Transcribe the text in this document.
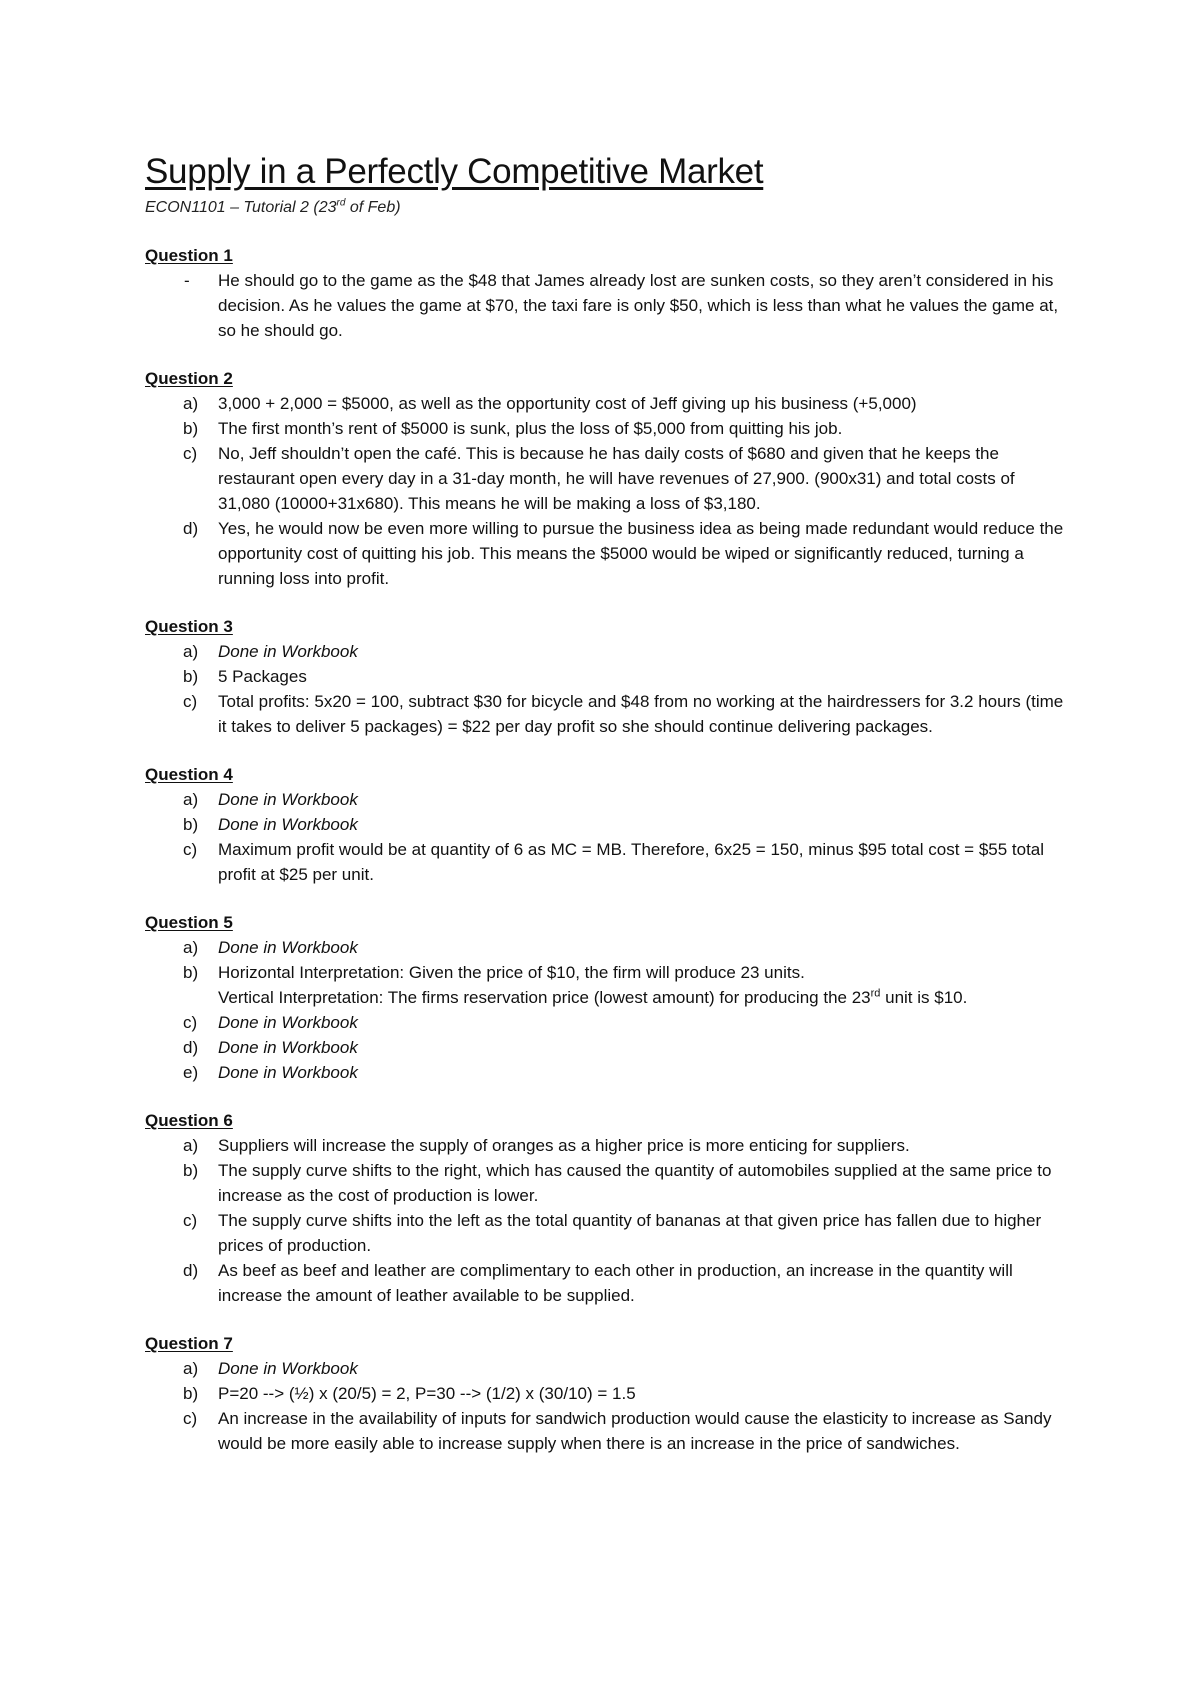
Supply in a Perfectly Competitive Market

ECON1101 – Tutorial 2 (23rd of Feb)

Question 1
-	He should go to the game as the $48 that James already lost are sunken costs, so they aren’t considered in his decision. As he values the game at $70, the taxi fare is only $50, which is less than what he values the game at, so he should go.
Question 2
a)	3,000 + 2,000 = $5000, as well as the opportunity cost of Jeff giving up his business (+5,000)
b)	The first month’s rent of $5000 is sunk, plus the loss of $5,000 from quitting his job.
c)	No, Jeff shouldn’t open the café. This is because he has daily costs of $680 and given that he keeps the restaurant open every day in a 31-day month, he will have revenues of 27,900. (900x31) and total costs of 31,080 (10000+31x680). This means he will be making a loss of $3,180.
d)	Yes, he would now be even more willing to pursue the business idea as being made redundant would reduce the opportunity cost of quitting his job. This means the $5000 would be wiped or significantly reduced, turning a running loss into profit.
Question 3
a)	Done in Workbook
b)	5 Packages
c)	Total profits: 5x20 = 100, subtract $30 for bicycle and $48 from no working at the hairdressers for 3.2 hours (time it takes to deliver 5 packages) = $22 per day profit so she should continue delivering packages.
Question 4
a)	Done in Workbook
b)	Done in Workbook
c)	Maximum profit would be at quantity of 6 as MC = MB. Therefore, 6x25 = 150, minus $95 total cost = $55 total profit at $25 per unit.
Question 5
a)	Done in Workbook
b)	Horizontal Interpretation: Given the price of $10, the firm will produce 23 units.
Vertical Interpretation: The firms reservation price (lowest amount) for producing the 23rd unit is $10.
c)	Done in Workbook
d)	Done in Workbook
e)	Done in Workbook
Question 6
a)	Suppliers will increase the supply of oranges as a higher price is more enticing for suppliers.
b)	The supply curve shifts to the right, which has caused the quantity of automobiles supplied at the same price to increase as the cost of production is lower.
c)	The supply curve shifts into the left as the total quantity of bananas at that given price has fallen due to higher prices of production.
d)	As beef as beef and leather are complimentary to each other in production, an increase in the quantity will increase the amount of leather available to be supplied.
Question 7
a)	Done in Workbook
b)	P=20 --> (½) x (20/5) = 2, P=30 --> (1/2) x (30/10) = 1.5
c)	An increase in the availability of inputs for sandwich production would cause the elasticity to increase as Sandy would be more easily able to increase supply when there is an increase in the price of sandwiches.
